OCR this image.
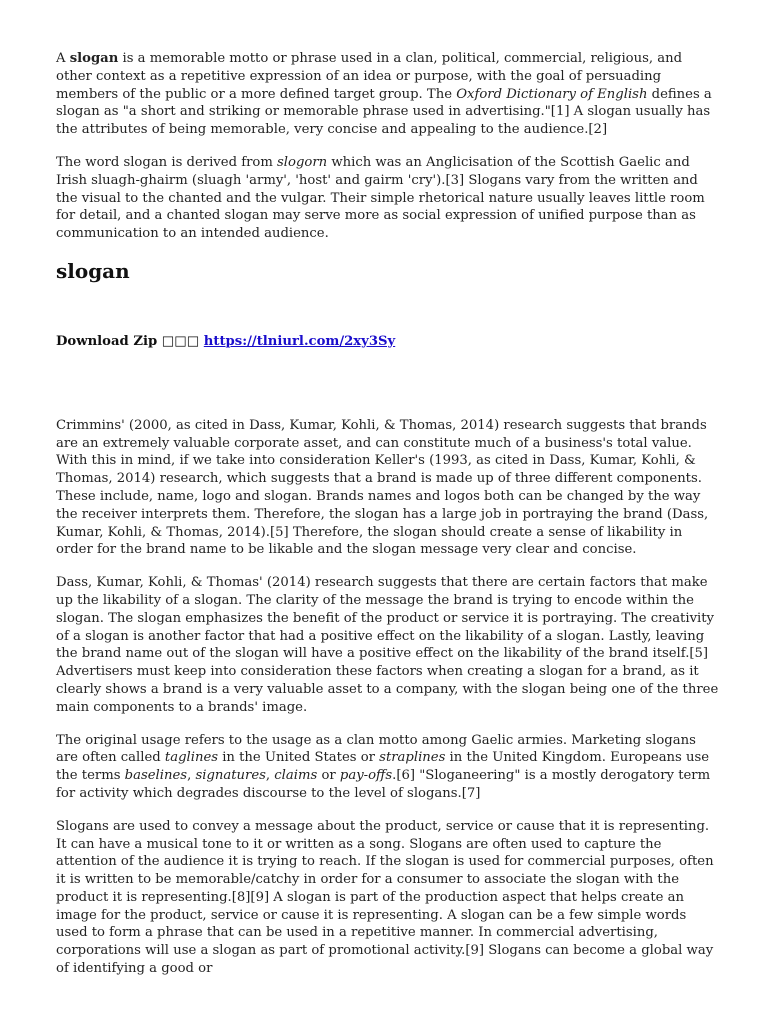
A slogan is a memorable motto or phrase used in a clan, political, commercial, religious, and other context as a repetitive expression of an idea or purpose, with the goal of persuading members of the public or a more defined target group. The Oxford Dictionary of English defines a slogan as "a short and striking or memorable phrase used in advertising."[1] A slogan usually has the attributes of being memorable, very concise and appealing to the audience.[2]

The word slogan is derived from slogorn which was an Anglicisation of the Scottish Gaelic and Irish sluagh-ghairm (sluagh 'army', 'host' and gairm 'cry').[3] Slogans vary from the written and the visual to the chanted and the vulgar. Their simple rhetorical nature usually leaves little room for detail, and a chanted slogan may serve more as social expression of unified purpose than as communication to an intended audience.

slogan
Download Zip □□□ https://tlniurl.com/2xy3Sy

Crimmins' (2000, as cited in Dass, Kumar, Kohli, & Thomas, 2014) research suggests that brands are an extremely valuable corporate asset, and can constitute much of a business's total value. With this in mind, if we take into consideration Keller's (1993, as cited in Dass, Kumar, Kohli, & Thomas, 2014) research, which suggests that a brand is made up of three different components. These include, name, logo and slogan. Brands names and logos both can be changed by the way the receiver interprets them. Therefore, the slogan has a large job in portraying the brand (Dass, Kumar, Kohli, & Thomas, 2014).[5] Therefore, the slogan should create a sense of likability in order for the brand name to be likable and the slogan message very clear and concise.

Dass, Kumar, Kohli, & Thomas' (2014) research suggests that there are certain factors that make up the likability of a slogan. The clarity of the message the brand is trying to encode within the slogan. The slogan emphasizes the benefit of the product or service it is portraying. The creativity of a slogan is another factor that had a positive effect on the likability of a slogan. Lastly, leaving the brand name out of the slogan will have a positive effect on the likability of the brand itself.[5] Advertisers must keep into consideration these factors when creating a slogan for a brand, as it clearly shows a brand is a very valuable asset to a company, with the slogan being one of the three main components to a brands' image.

The original usage refers to the usage as a clan motto among Gaelic armies. Marketing slogans are often called taglines in the United States or straplines in the United Kingdom. Europeans use the terms baselines, signatures, claims or pay-offs.[6] "Sloganeering" is a mostly derogatory term for activity which degrades discourse to the level of slogans.[7]

Slogans are used to convey a message about the product, service or cause that it is representing. It can have a musical tone to it or written as a song. Slogans are often used to capture the attention of the audience it is trying to reach. If the slogan is used for commercial purposes, often it is written to be memorable/catchy in order for a consumer to associate the slogan with the product it is representing.[8][9] A slogan is part of the production aspect that helps create an image for the product, service or cause it is representing. A slogan can be a few simple words used to form a phrase that can be used in a repetitive manner. In commercial advertising, corporations will use a slogan as part of promotional activity.[9] Slogans can become a global way of identifying a good or
